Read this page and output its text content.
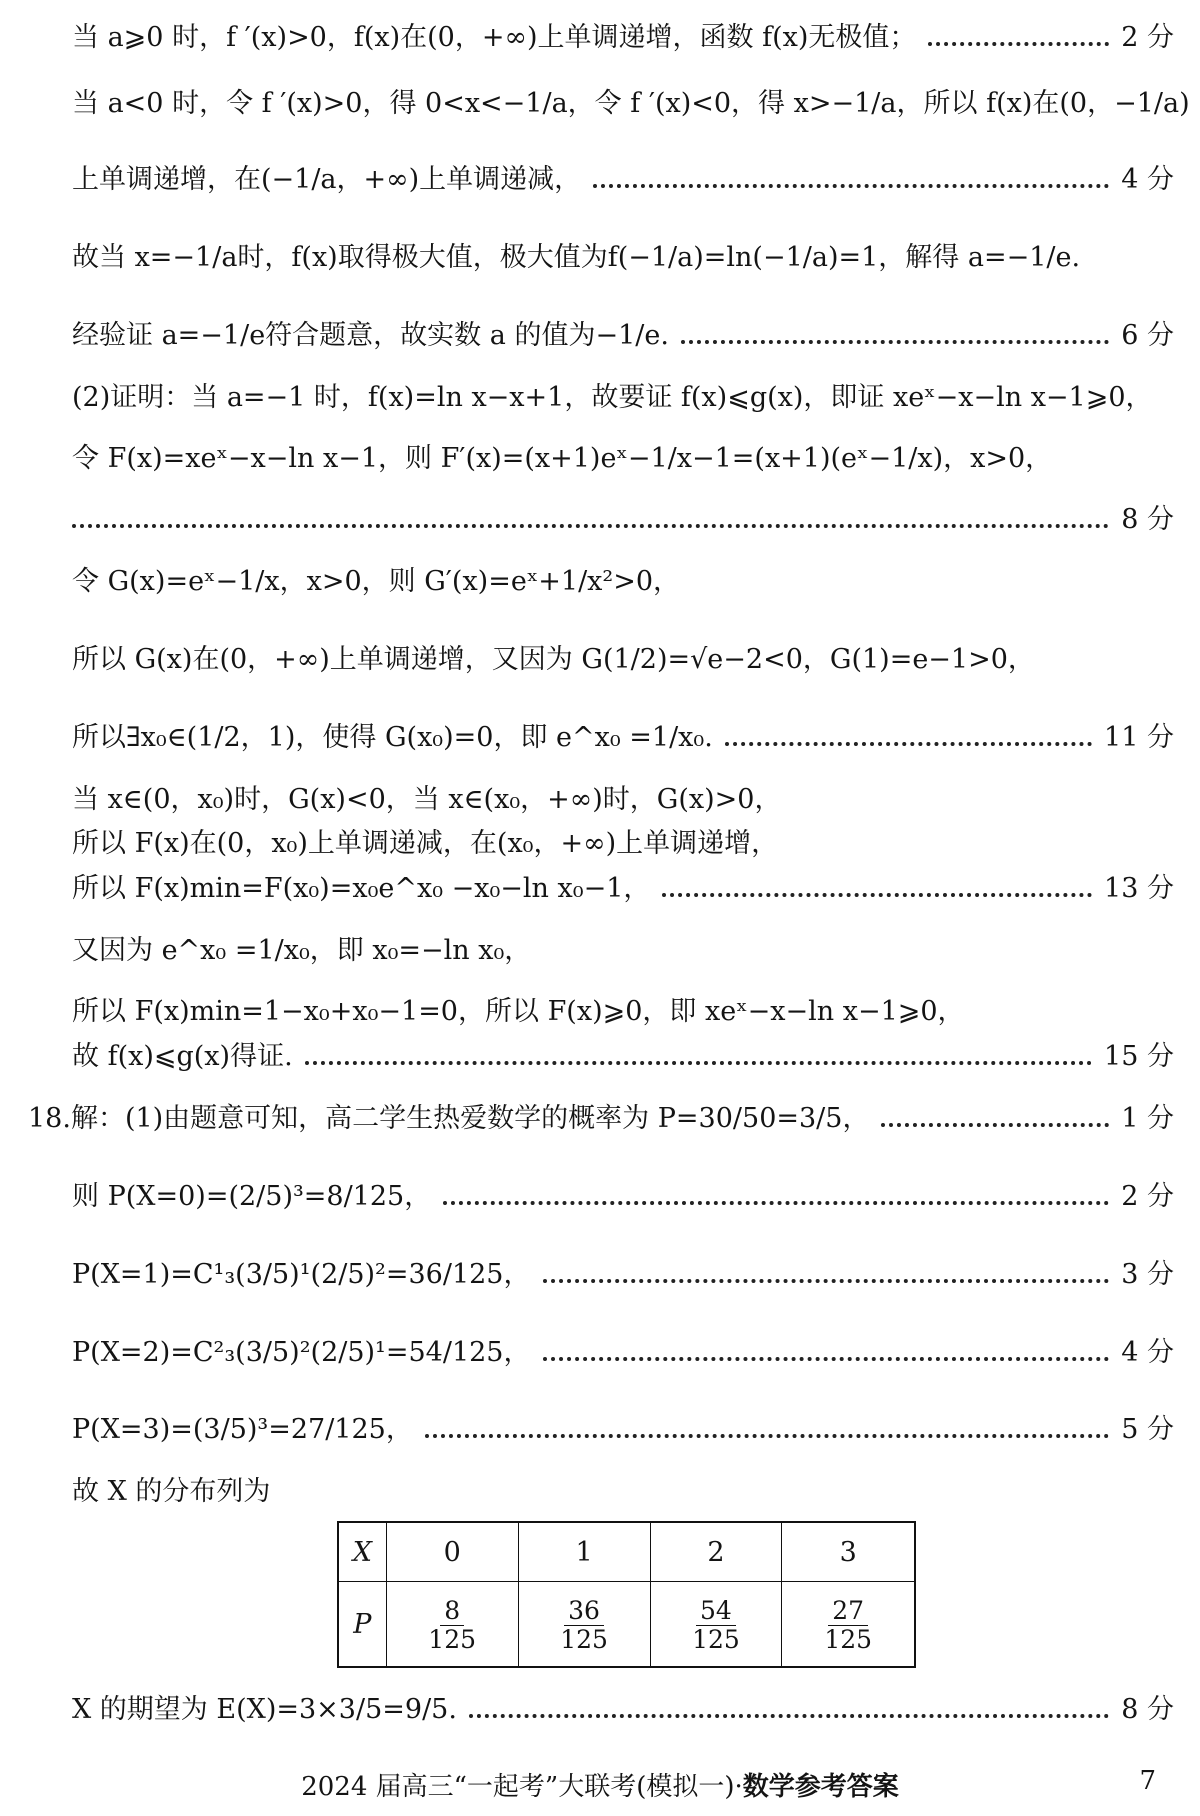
当 a⩾0 时，f ′(x)>0，f(x)在(0，+∞)上单调递增，函数 f(x)无极值；	2 分
当 a<0 时，令 f ′(x)>0，得 0<x<−1/a，令 f ′(x)<0，得 x>−1/a，所以 f(x)在(0，−1/a)
上单调递增，在(−1/a，+∞)上单调递减，	4 分
故当 x=−1/a时，f(x)取得极大值，极大值为f(−1/a)=ln(−1/a)=1，解得 a=−1/e.
经验证 a=−1/e符合题意，故实数 a 的值为−1/e.	6 分
(2)证明：当 a=−1 时，f(x)=ln x−x+1，故要证 f(x)⩽g(x)，即证 xeˣ−x−ln x−1⩾0，
令 F(x)=xeˣ−x−ln x−1，则 F′(x)=(x+1)eˣ−1/x−1=(x+1)(eˣ−1/x)，x>0，
8 分
令 G(x)=eˣ−1/x，x>0，则 G′(x)=eˣ+1/x²>0，
所以 G(x)在(0，+∞)上单调递增，又因为 G(1/2)=√e−2<0，G(1)=e−1>0，
所以∃x₀∈(1/2，1)，使得 G(x₀)=0，即 e^x₀ =1/x₀.	11 分
当 x∈(0，x₀)时，G(x)<0，当 x∈(x₀，+∞)时，G(x)>0，
所以 F(x)在(0，x₀)上单调递减，在(x₀，+∞)上单调递增，
所以 F(x)min=F(x₀)=x₀e^x₀ −x₀−ln x₀−1，	13 分
又因为 e^x₀ =1/x₀，即 x₀=−ln x₀，
所以 F(x)min=1−x₀+x₀−1=0，所以 F(x)⩾0，即 xeˣ−x−ln x−1⩾0，
故 f(x)⩽g(x)得证.	15 分
18.解：(1)由题意可知，高二学生热爱数学的概率为 P=30/50=3/5，	1 分
则 P(X=0)=(2/5)³=8/125，	2 分
P(X=1)=C¹₃(3/5)¹(2/5)²=36/125，	3 分
P(X=2)=C²₃(3/5)²(2/5)¹=54/125，	4 分
P(X=3)=(3/5)³=27/125，	5 分
故 X 的分布列为
X	0	1	2	3
P	$\frac{8}{125}$	$\frac{36}{125}$	$\frac{54}{125}$	$\frac{27}{125}$
X 的期望为 E(X)=3×3/5=9/5.	8 分
2024 届高三“一起考”大联考(模拟一)·数学参考答案	7
